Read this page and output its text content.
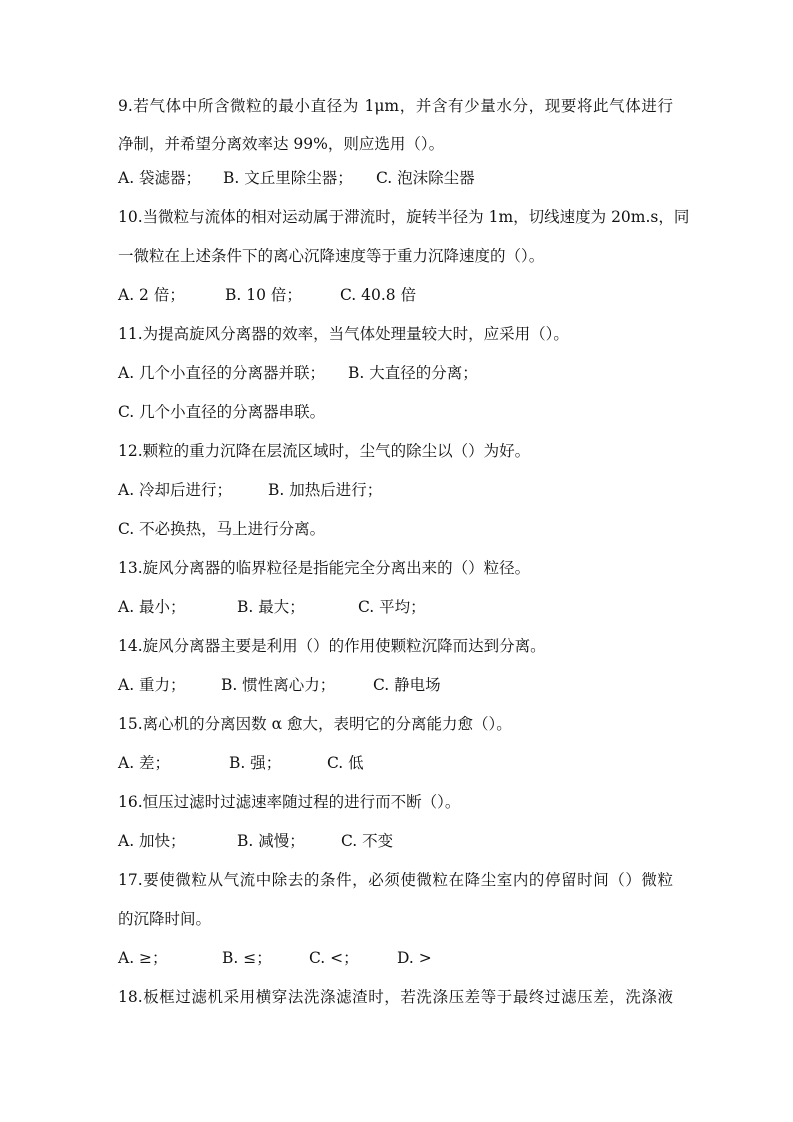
9.若气体中所含微粒的最小直径为 1μm，并含有少量水分，现要将此气体进行
净制，并希望分离效率达 99%，则应选用（）。
A. 袋滤器； B. 文丘里除尘器； C. 泡沫除尘器
10.当微粒与流体的相对运动属于滞流时，旋转半径为 1m，切线速度为 20m.s，同
一微粒在上述条件下的离心沉降速度等于重力沉降速度的（）。
A. 2 倍；	B. 10 倍； C. 40.8 倍
11.为提高旋风分离器的效率，当气体处理量较大时，应采用（）。
A. 几个小直径的分离器并联； B. 大直径的分离；
C. 几个小直径的分离器串联。
12.颗粒的重力沉降在层流区域时，尘气的除尘以（）为好。
A. 冷却后进行； B. 加热后进行；
C. 不必换热，马上进行分离。
13.旋风分离器的临界粒径是指能完全分离出来的（）粒径。
A. 最小；	B. 最大；	C. 平均；
14.旋风分离器主要是利用（）的作用使颗粒沉降而达到分离。
A. 重力； B. 惯性离心力； C. 静电场
15.离心机的分离因数 α 愈大，表明它的分离能力愈（）。
A. 差；	B. 强；	C. 低
16.恒压过滤时过滤速率随过程的进行而不断（）。
A. 加快；	B. 减慢； C. 不变
17.要使微粒从气流中除去的条件，必须使微粒在降尘室内的停留时间（）微粒
的沉降时间。
A. ≥；	B. ≤； C. <； D. >
18.板框过滤机采用横穿法洗涤滤渣时，若洗涤压差等于最终过滤压差，洗涤液
